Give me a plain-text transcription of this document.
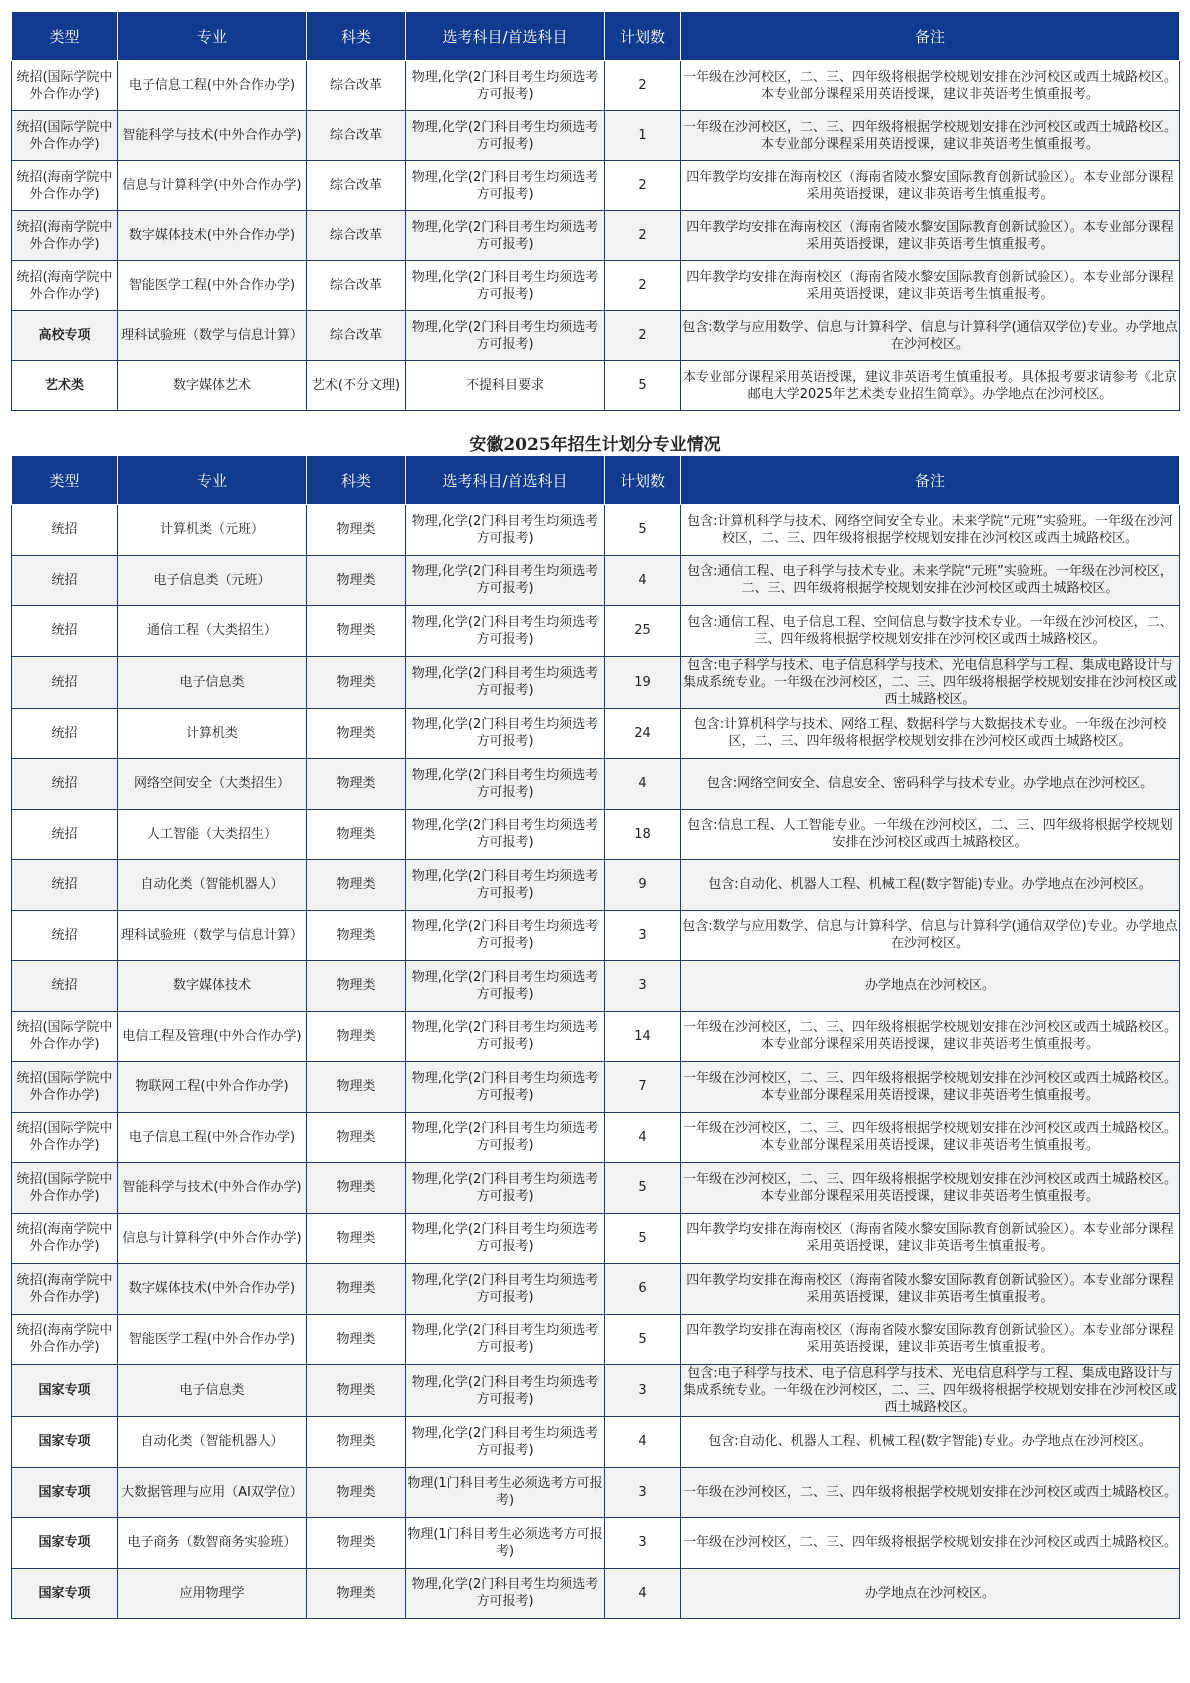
类型	专业	科类	选考科目/首选科目	计划数	备注
统招(国际学院中外合作办学)	电子信息工程(中外合作办学)	综合改革	物理,化学(2门科目考生均须选考方可报考)	2	一年级在沙河校区，二、三、四年级将根据学校规划安排在沙河校区或西土城路校区。本专业部分课程采用英语授课，建议非英语考生慎重报考。
统招(国际学院中外合作办学)	智能科学与技术(中外合作办学)	综合改革	物理,化学(2门科目考生均须选考方可报考)	1	一年级在沙河校区，二、三、四年级将根据学校规划安排在沙河校区或西土城路校区。本专业部分课程采用英语授课，建议非英语考生慎重报考。
统招(海南学院中外合作办学)	信息与计算科学(中外合作办学)	综合改革	物理,化学(2门科目考生均须选考方可报考)	2	四年教学均安排在海南校区（海南省陵水黎安国际教育创新试验区）。本专业部分课程采用英语授课，建议非英语考生慎重报考。
统招(海南学院中外合作办学)	数字媒体技术(中外合作办学)	综合改革	物理,化学(2门科目考生均须选考方可报考)	2	四年教学均安排在海南校区（海南省陵水黎安国际教育创新试验区）。本专业部分课程采用英语授课，建议非英语考生慎重报考。
统招(海南学院中外合作办学)	智能医学工程(中外合作办学)	综合改革	物理,化学(2门科目考生均须选考方可报考)	2	四年教学均安排在海南校区（海南省陵水黎安国际教育创新试验区）。本专业部分课程采用英语授课，建议非英语考生慎重报考。
高校专项	理科试验班（数学与信息计算）	综合改革	物理,化学(2门科目考生均须选考方可报考)	2	包含:数学与应用数学、信息与计算科学、信息与计算科学(通信双学位)专业。办学地点在沙河校区。
艺术类	数字媒体艺术	艺术(不分文理)	不提科目要求	5	本专业部分课程采用英语授课，建议非英语考生慎重报考。具体报考要求请参考《北京邮电大学2025年艺术类专业招生简章》。办学地点在沙河校区。
安徽2025年招生计划分专业情况
类型	专业	科类	选考科目/首选科目	计划数	备注
统招	计算机类（元班）	物理类	物理,化学(2门科目考生均须选考方可报考)	5	包含:计算机科学与技术、网络空间安全专业。未来学院“元班”实验班。一年级在沙河校区，二、三、四年级将根据学校规划安排在沙河校区或西土城路校区。
统招	电子信息类（元班）	物理类	物理,化学(2门科目考生均须选考方可报考)	4	包含:通信工程、电子科学与技术专业。未来学院“元班”实验班。一年级在沙河校区，二、三、四年级将根据学校规划安排在沙河校区或西土城路校区。
统招	通信工程（大类招生）	物理类	物理,化学(2门科目考生均须选考方可报考)	25	包含:通信工程、电子信息工程、空间信息与数字技术专业。一年级在沙河校区，二、三、四年级将根据学校规划安排在沙河校区或西土城路校区。
统招	电子信息类	物理类	物理,化学(2门科目考生均须选考方可报考)	19	包含:电子科学与技术、电子信息科学与技术、光电信息科学与工程、集成电路设计与集成系统专业。一年级在沙河校区，二、三、四年级将根据学校规划安排在沙河校区或西土城路校区。
统招	计算机类	物理类	物理,化学(2门科目考生均须选考方可报考)	24	包含:计算机科学与技术、网络工程、数据科学与大数据技术专业。一年级在沙河校区，二、三、四年级将根据学校规划安排在沙河校区或西土城路校区。
统招	网络空间安全（大类招生）	物理类	物理,化学(2门科目考生均须选考方可报考)	4	包含:网络空间安全、信息安全、密码科学与技术专业。办学地点在沙河校区。
统招	人工智能（大类招生）	物理类	物理,化学(2门科目考生均须选考方可报考)	18	包含:信息工程、人工智能专业。一年级在沙河校区，二、三、四年级将根据学校规划安排在沙河校区或西土城路校区。
统招	自动化类（智能机器人）	物理类	物理,化学(2门科目考生均须选考方可报考)	9	包含:自动化、机器人工程、机械工程(数字智能)专业。办学地点在沙河校区。
统招	理科试验班（数学与信息计算）	物理类	物理,化学(2门科目考生均须选考方可报考)	3	包含:数学与应用数学、信息与计算科学、信息与计算科学(通信双学位)专业。办学地点在沙河校区。
统招	数字媒体技术	物理类	物理,化学(2门科目考生均须选考方可报考)	3	办学地点在沙河校区。
统招(国际学院中外合作办学)	电信工程及管理(中外合作办学)	物理类	物理,化学(2门科目考生均须选考方可报考)	14	一年级在沙河校区，二、三、四年级将根据学校规划安排在沙河校区或西土城路校区。本专业部分课程采用英语授课，建议非英语考生慎重报考。
统招(国际学院中外合作办学)	物联网工程(中外合作办学)	物理类	物理,化学(2门科目考生均须选考方可报考)	7	一年级在沙河校区，二、三、四年级将根据学校规划安排在沙河校区或西土城路校区。本专业部分课程采用英语授课，建议非英语考生慎重报考。
统招(国际学院中外合作办学)	电子信息工程(中外合作办学)	物理类	物理,化学(2门科目考生均须选考方可报考)	4	一年级在沙河校区，二、三、四年级将根据学校规划安排在沙河校区或西土城路校区。本专业部分课程采用英语授课，建议非英语考生慎重报考。
统招(国际学院中外合作办学)	智能科学与技术(中外合作办学)	物理类	物理,化学(2门科目考生均须选考方可报考)	5	一年级在沙河校区，二、三、四年级将根据学校规划安排在沙河校区或西土城路校区。本专业部分课程采用英语授课，建议非英语考生慎重报考。
统招(海南学院中外合作办学)	信息与计算科学(中外合作办学)	物理类	物理,化学(2门科目考生均须选考方可报考)	5	四年教学均安排在海南校区（海南省陵水黎安国际教育创新试验区）。本专业部分课程采用英语授课，建议非英语考生慎重报考。
统招(海南学院中外合作办学)	数字媒体技术(中外合作办学)	物理类	物理,化学(2门科目考生均须选考方可报考)	6	四年教学均安排在海南校区（海南省陵水黎安国际教育创新试验区）。本专业部分课程采用英语授课，建议非英语考生慎重报考。
统招(海南学院中外合作办学)	智能医学工程(中外合作办学)	物理类	物理,化学(2门科目考生均须选考方可报考)	5	四年教学均安排在海南校区（海南省陵水黎安国际教育创新试验区）。本专业部分课程采用英语授课，建议非英语考生慎重报考。
国家专项	电子信息类	物理类	物理,化学(2门科目考生均须选考方可报考)	3	包含:电子科学与技术、电子信息科学与技术、光电信息科学与工程、集成电路设计与集成系统专业。一年级在沙河校区，二、三、四年级将根据学校规划安排在沙河校区或西土城路校区。
国家专项	自动化类（智能机器人）	物理类	物理,化学(2门科目考生均须选考方可报考)	4	包含:自动化、机器人工程、机械工程(数字智能)专业。办学地点在沙河校区。
国家专项	大数据管理与应用（AI双学位）	物理类	物理(1门科目考生必须选考方可报考)	3	一年级在沙河校区，二、三、四年级将根据学校规划安排在沙河校区或西土城路校区。
国家专项	电子商务（数智商务实验班）	物理类	物理(1门科目考生必须选考方可报考)	3	一年级在沙河校区，二、三、四年级将根据学校规划安排在沙河校区或西土城路校区。
国家专项	应用物理学	物理类	物理,化学(2门科目考生均须选考方可报考)	4	办学地点在沙河校区。
